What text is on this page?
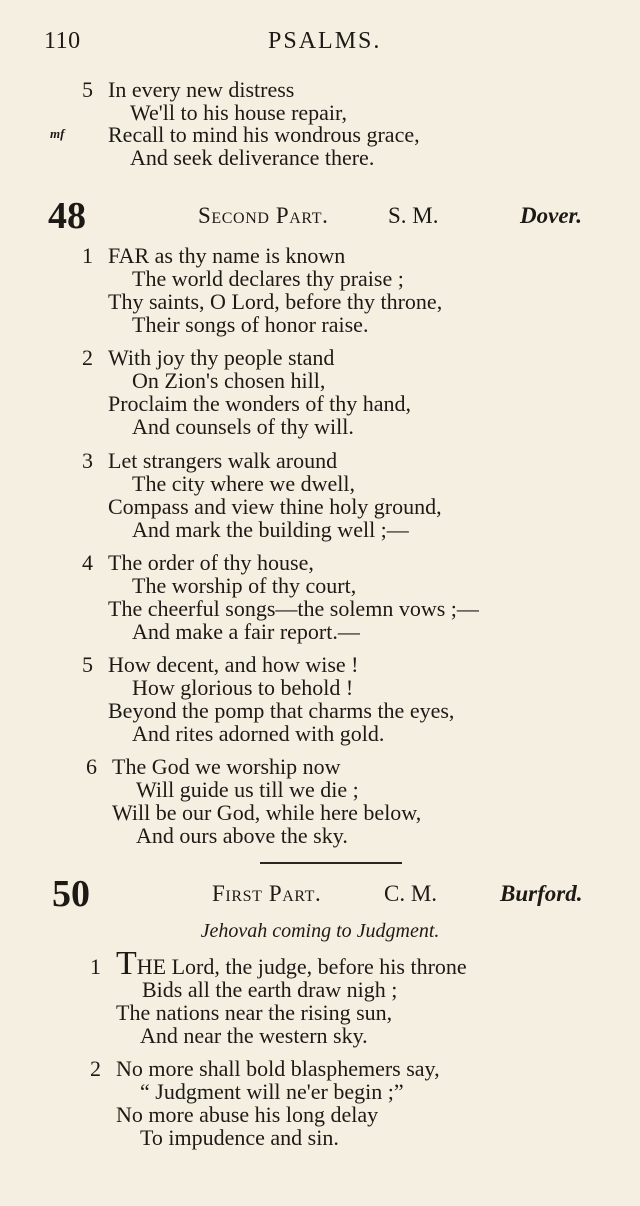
110	PSALMS.
5 In every new distress
We'll to his house repair,
mf Recall to mind his wondrous grace,
And seek deliverance there.
48	Second Part.	S. M.	Dover.
1 FAR as thy name is known
The world declares thy praise ;
Thy saints, O Lord, before thy throne,
Their songs of honor raise.
2 With joy thy people stand
On Zion's chosen hill,
Proclaim the wonders of thy hand,
And counsels of thy will.
3 Let strangers walk around
The city where we dwell,
Compass and view thine holy ground,
And mark the building well ;—
4 The order of thy house,
The worship of thy court,
The cheerful songs—the solemn vows ;—
And make a fair report.—
5 How decent, and how wise !
How glorious to behold !
Beyond the pomp that charms the eyes,
And rites adorned with gold.
6 The God we worship now
Will guide us till we die ;
Will be our God, while here below,
And ours above the sky.
50	First Part.	C. M.	Burford.
Jehovah coming to Judgment.
1 THE Lord, the judge, before his throne
Bids all the earth draw nigh ;
The nations near the rising sun,
And near the western sky.
2 No more shall bold blasphemers say,
“ Judgment will ne'er begin ;”
No more abuse his long delay
To impudence and sin.
